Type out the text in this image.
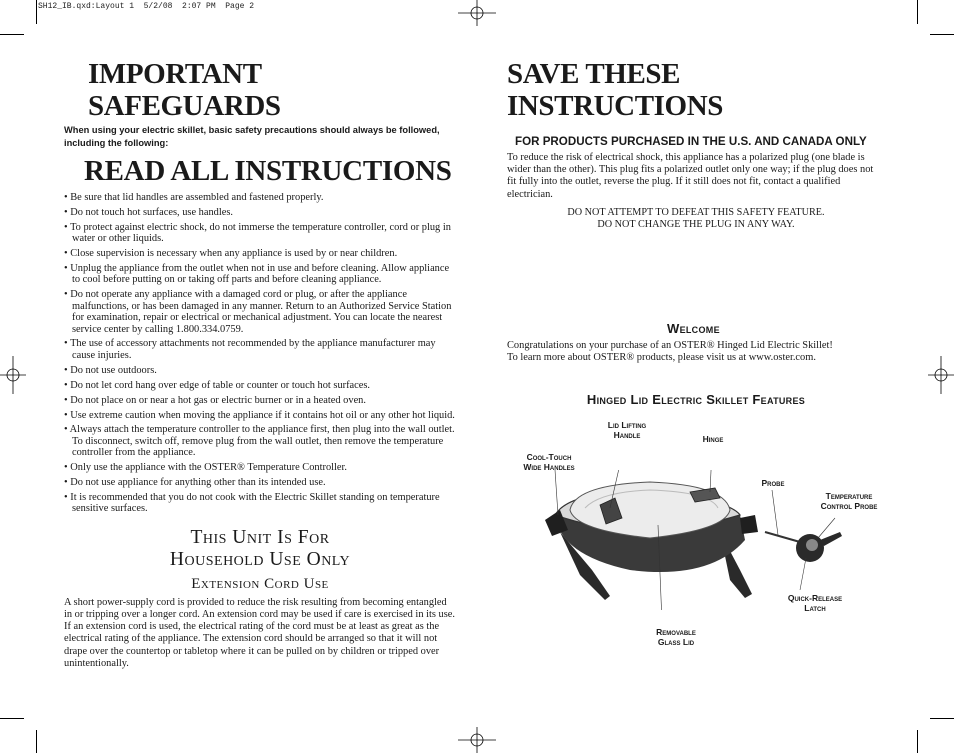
SH12_IB.qxd:Layout 1  5/2/08  2:07 PM  Page 2
IMPORTANT SAFEGUARDS

When using your electric skillet, basic safety precautions should always be followed, including the following:

READ ALL INSTRUCTIONS
• Be sure that lid handles are assembled and fastened properly.
• Do not touch hot surfaces, use handles.
• To protect against electric shock, do not immerse the temperature controller, cord or plug in water or other liquids.
• Close supervision is necessary when any appliance is used by or near children.
• Unplug the appliance from the outlet when not in use and before cleaning. Allow appliance to cool before putting on or taking off parts and before cleaning appliance.
• Do not operate any appliance with a damaged cord or plug, or after the appliance malfunctions, or has been damaged in any manner. Return to an Authorized Service Station for examination, repair or electrical or mechanical adjustment. You can locate the nearest service center by calling 1.800.334.0759.
• The use of accessory attachments not recommended by the appliance manufacturer may cause injuries.
• Do not use outdoors.
• Do not let cord hang over edge of table or counter or touch hot surfaces.
• Do not place on or near a hot gas or electric burner or in a heated oven.
• Use extreme caution when moving the appliance if it contains hot oil or any other hot liquid.
• Always attach the temperature controller to the appliance first, then plug into the wall outlet. To disconnect, switch off, remove plug from the wall outlet, then remove the temperature controller from the appliance.
• Only use the appliance with the OSTER® Temperature Controller.
• Do not use appliance for anything other than its intended use.
• It is recommended that you do not cook with the Electric Skillet standing on temperature sensitive surfaces.
This Unit Is For
Household Use Only
Extension Cord Use

A short power-supply cord is provided to reduce the risk resulting from becoming entangled in or tripping over a longer cord. An extension cord may be used if care is exercised in its use. If an extension cord is used, the electrical rating of the cord must be at least as great as the electrical rating of the appliance. The extension cord should be arranged so that it will not drape over the countertop or tabletop where it can be pulled on by children or tripped over unintentionally.

SAVE THESE INSTRUCTIONS
FOR PRODUCTS PURCHASED IN THE U.S. AND CANADA ONLY

To reduce the risk of electrical shock, this appliance has a polarized plug (one blade is wider than the other). This plug fits a polarized outlet only one way; if the plug does not fit fully into the outlet, reverse the plug. If it still does not fit, contact a qualified electrician.

DO NOT ATTEMPT TO DEFEAT THIS SAFETY FEATURE.
DO NOT CHANGE THE PLUG IN ANY WAY.
Welcome

Congratulations on your purchase of an OSTER® Hinged Lid Electric Skillet!
To learn more about OSTER® products, please visit us at www.oster.com.

Hinged Lid Electric Skillet Features
Lid Lifting
Handle	Hinge
Cool-Touch
Wide Handles
Probe
Temperature
Control Probe
Quick-Release
Latch
Removable
Glass Lid
